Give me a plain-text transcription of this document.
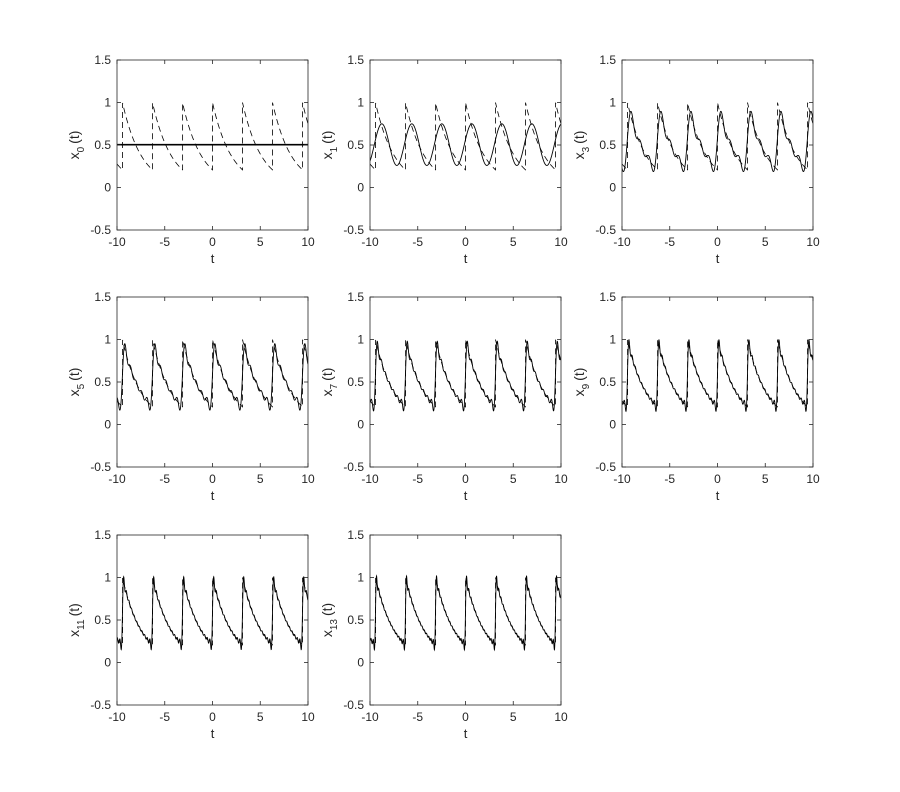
-10	-5	0	5	10
-0.5
0
0.5
1
1.5
t
$x_0(t)$
-10	-5	0	5	10
-0.5
0
0.5
1
1.5
t
$x_1(t)$
-10	-5	0	5	10
-0.5
0
0.5
1
1.5
t
$x_3(t)$
-10	-5	0	5	10
-0.5
0
0.5
1
1.5
t
$x_5(t)$
-10	-5	0	5	10
-0.5
0
0.5
1
1.5
t
$x_7(t)$
-10	-5	0	5	10
-0.5
0
0.5
1
1.5
t
$x_9(t)$
-10	-5	0	5	10
-0.5
0
0.5
1
1.5
t
$x_{11}(t)$
-10	-5	0	5	10
-0.5
0
0.5
1
1.5
t
$x_{13}(t)$
